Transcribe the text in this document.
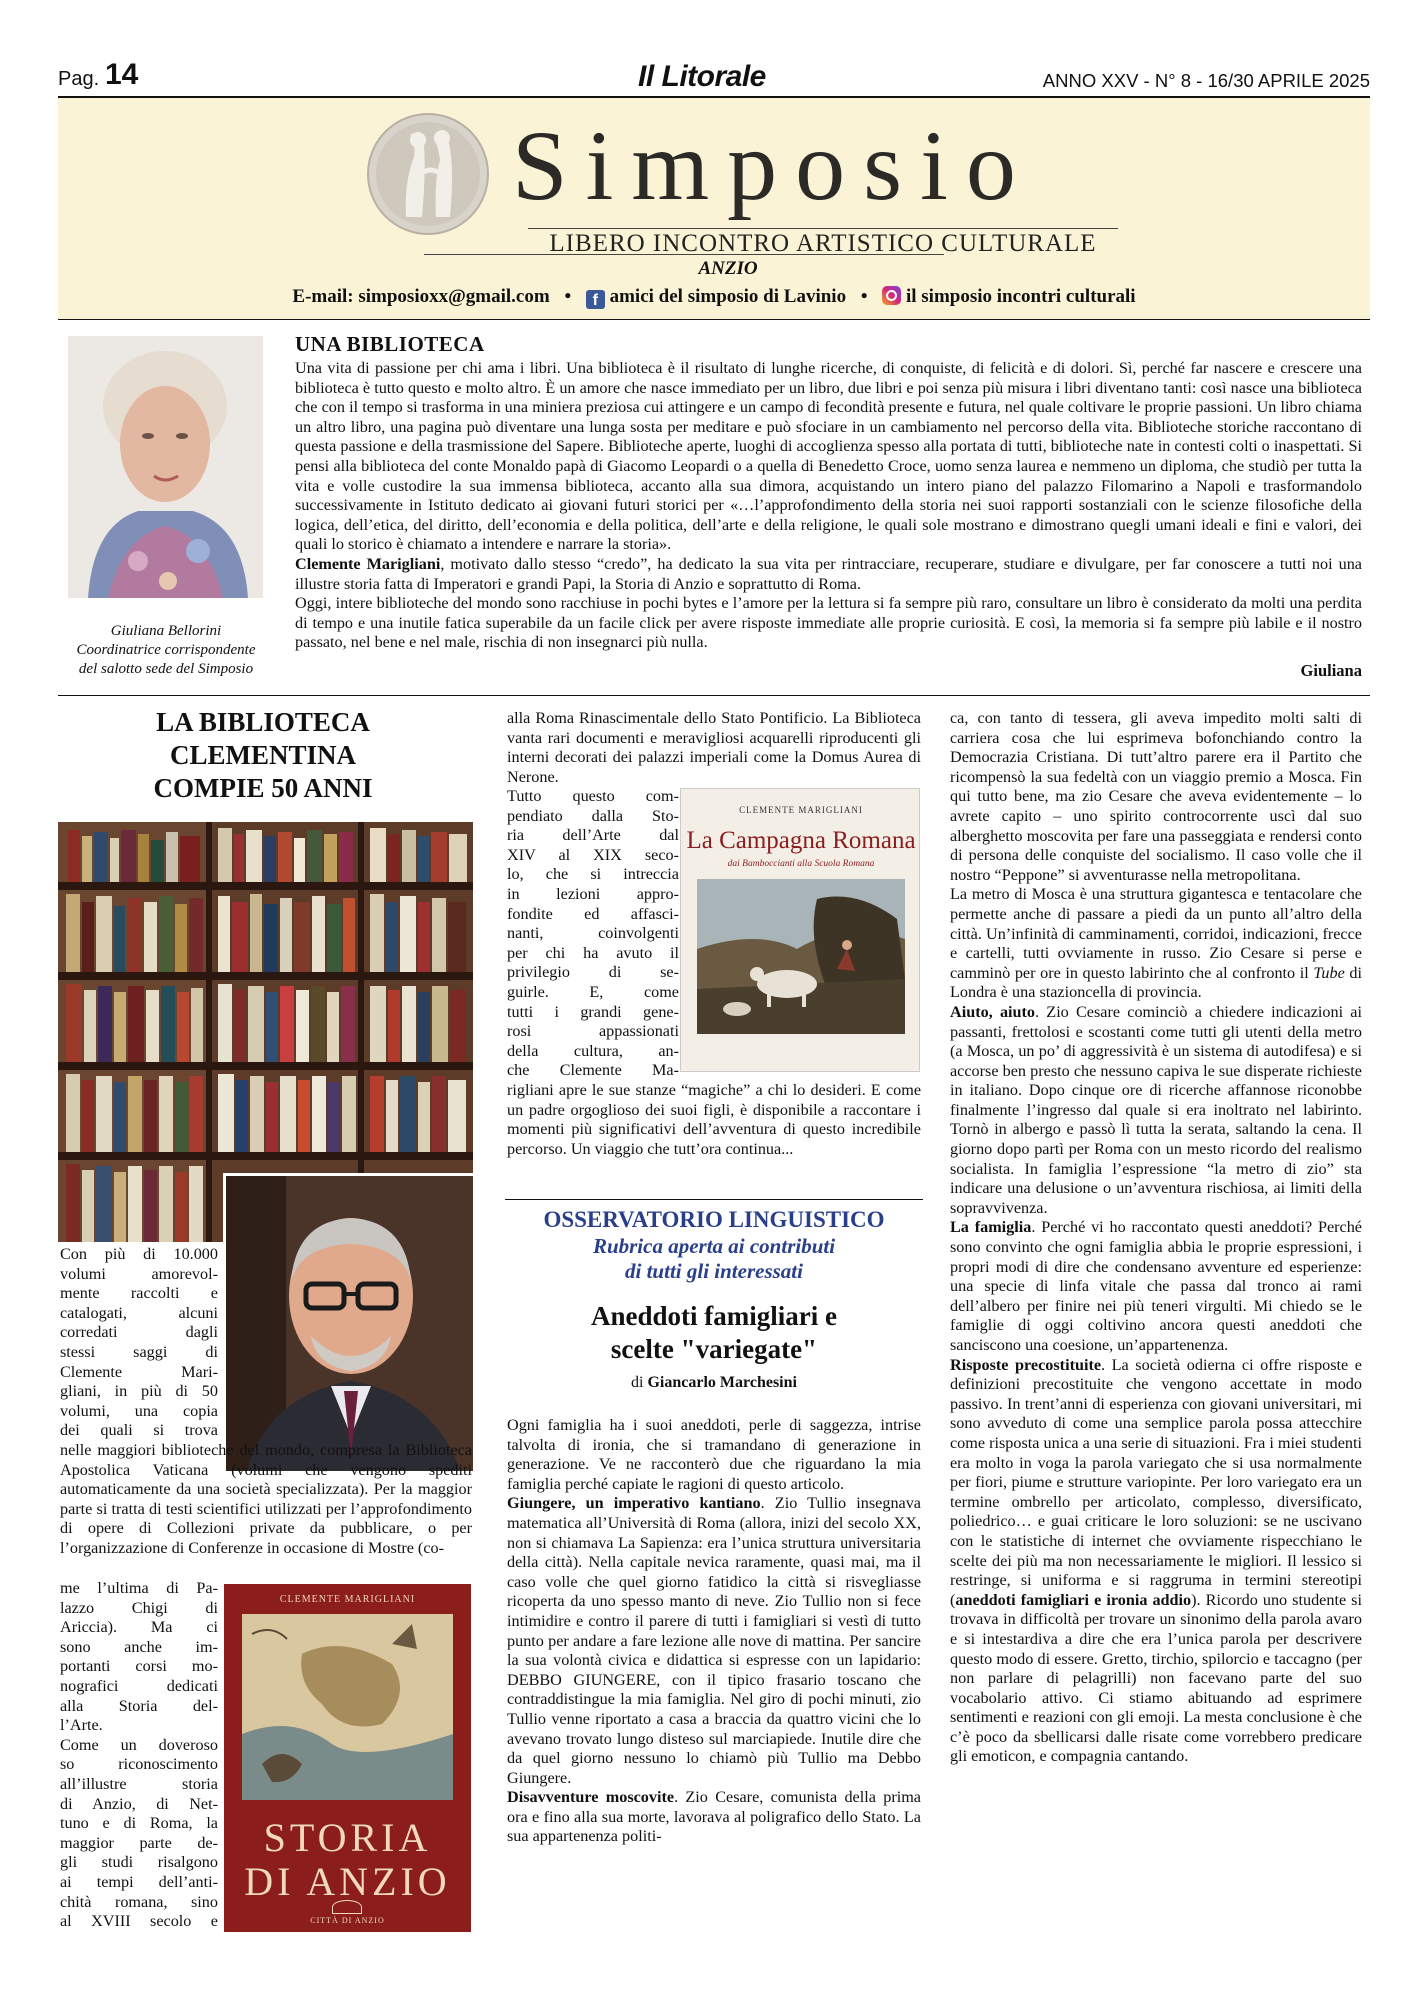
Pag. 14	Il Litorale	ANNO XXV - N° 8 - 16/30 APRILE 2025
Simposio
LIBERO INCONTRO ARTISTICO CULTURALE
ANZIO
E-mail: simposioxx@gmail.com • f amici del simposio di Lavinio • il simposio incontri culturali
Giuliana Bellorini
Coordinatrice corrispondente
del salotto sede del Simposio
UNA BIBLIOTECA

Una vita di passione per chi ama i libri. Una biblioteca è il risultato di lunghe ricerche, di conquiste, di felicità e di dolori. Sì, perché far nascere e crescere una biblioteca è tutto questo e molto altro. È un amore che nasce immediato per un libro, due libri e poi senza più misura i libri diventano tanti: così nasce una biblioteca che con il tempo si trasforma in una miniera preziosa cui attingere e un campo di fecondità presente e futura, nel quale coltivare le proprie passioni. Un libro chiama un altro libro, una pagina può diventare una lunga sosta per meditare e può sfociare in un cambiamento nel percorso della vita. Biblioteche storiche raccontano di questa passione e della trasmissione del Sapere. Biblioteche aperte, luoghi di accoglienza spesso alla portata di tutti, biblioteche nate in contesti colti o inaspettati. Si pensi alla biblioteca del conte Monaldo papà di Giacomo Leopardi o a quella di Benedetto Croce, uomo senza laurea e nemmeno un diploma, che studiò per tutta la vita e volle custodire la sua immensa biblioteca, accanto alla sua dimora, acquistando un intero piano del palazzo Filomarino a Napoli e trasformandolo successivamente in Istituto dedicato ai giovani futuri storici per «…l’approfondimento della storia nei suoi rapporti sostanziali con le scienze filosofiche della logica, dell’etica, del diritto, dell’economia e della politica, dell’arte e della religione, le quali sole mostrano e dimostrano quegli umani ideali e fini e valori, dei quali lo storico è chiamato a intendere e narrare la storia».

Clemente Marigliani, motivato dallo stesso “credo”, ha dedicato la sua vita per rintracciare, recuperare, studiare e divulgare, per far conoscere a tutti noi una illustre storia fatta di Imperatori e grandi Papi, la Storia di Anzio e soprattutto di Roma.

Oggi, intere biblioteche del mondo sono racchiuse in pochi bytes e l’amore per la lettura si fa sempre più raro, consultare un libro è considerato da molti una perdita di tempo e una inutile fatica superabile da un facile click per avere risposte immediate alle proprie curiosità. E così, la memoria si fa sempre più labile e il nostro passato, nel bene e nel male, rischia di non insegnarci più nulla.

Giuliana
LA BIBLIOTECA
CLEMENTINA
COMPIE 50 ANNI
Con più di 10.000
volumi amorevol-
mente raccolti e
catalogati, alcuni
corredati dagli
stessi saggi di
Clemente Mari-
gliani, in più di 50
volumi, una copia
dei quali si trova

nelle maggiori biblioteche del mondo, compresa la Biblioteca Apostolica Vaticana (volumi che vengono spediti automaticamente da una società specializzata). Per la maggior parte si tratta di testi scientifici utilizzati per l’approfondimento di opere di Collezioni private da pubblicare, o per l’organizzazione di Conferenze in occasione di Mostre (co-

me l’ultima di Pa-
lazzo Chigi di
Ariccia). Ma ci
sono anche im-
portanti corsi mo-
nografici dedicati
alla Storia del-
l’Arte.
Come un doveroso
so riconoscimento
all’illustre storia
di Anzio, di Net-
tuno e di Roma, la
maggior parte de-
gli studi risalgono
ai tempi dell’anti-
chità romana, sino
al XVIII secolo e
CLEMENTE MARIGLIANI
STORIA
DI ANZIO
CITTÀ DI ANZIO

alla Roma Rinascimentale dello Stato Pontificio. La Biblioteca vanta rari documenti e meravigliosi acquarelli riproducenti gli interni decorati dei palazzi imperiali come la Domus Aurea di Nerone.

Tutto questo com-
pendiato dalla Sto-
ria dell’Arte dal
XIV al XIX seco-
lo, che si intreccia
in lezioni appro-
fondite ed affasci-
nanti, coinvolgenti
per chi ha avuto il
privilegio di se-
guirle. E, come
tutti i grandi gene-
rosi appassionati
della cultura, an-
che Clemente Ma-
CLEMENTE MARIGLIANI
La Campagna Romana
dai Bamboccianti alla Scuola Romana

rigliani apre le sue stanze “magiche” a chi lo desideri. E come un padre orgoglioso dei suoi figli, è disponibile a raccontare i momenti più significativi dell’avventura di questo incredibile percorso. Un viaggio che tutt’ora continua...

OSSERVATORIO LINGUISTICO
Rubrica aperta ai contributi
di tutti gli interessati
Aneddoti famigliari e
scelte "variegate"
di Giancarlo Marchesini

Ogni famiglia ha i suoi aneddoti, perle di saggezza, intrise talvolta di ironia, che si tramandano di generazione in generazione. Ve ne racconterò due che riguardano la mia famiglia perché capiate le ragioni di questo articolo.

Giungere, un imperativo kantiano. Zio Tullio insegnava matematica all’Università di Roma (allora, inizi del secolo XX, non si chiamava La Sapienza: era l’unica struttura universitaria della città). Nella capitale nevica raramente, quasi mai, ma il caso volle che quel giorno fatidico la città si risvegliasse ricoperta da uno spesso manto di neve. Zio Tullio non si fece intimidire e contro il parere di tutti i famigliari si vestì di tutto punto per andare a fare lezione alle nove di mattina. Per sancire la sua volontà civica e didattica si espresse con un lapidario: DEBBO GIUNGERE, con il tipico frasario toscano che contraddistingue la mia famiglia. Nel giro di pochi minuti, zio Tullio venne riportato a casa a braccia da quattro vicini che lo avevano trovato lungo disteso sul marciapiede. Inutile dire che da quel giorno nessuno lo chiamò più Tullio ma Debbo Giungere.

Disavventure moscovite. Zio Cesare, comunista della prima ora e fino alla sua morte, lavorava al poligrafico dello Stato. La sua appartenenza politi-

ca, con tanto di tessera, gli aveva impedito molti salti di carriera cosa che lui esprimeva bofonchiando contro la Democrazia Cristiana. Di tutt’altro parere era il Partito che ricompensò la sua fedeltà con un viaggio premio a Mosca. Fin qui tutto bene, ma zio Cesare che aveva evidentemente – lo avrete capito – uno spirito controcorrente uscì dal suo alberghetto moscovita per fare una passeggiata e rendersi conto di persona delle conquiste del socialismo. Il caso volle che il nostro “Peppone” si avventurasse nella metropolitana.

La metro di Mosca è una struttura gigantesca e tentacolare che permette anche di passare a piedi da un punto all’altro della città. Un’infinità di camminamenti, corridoi, indicazioni, frecce e cartelli, tutti ovviamente in russo. Zio Cesare si perse e camminò per ore in questo labirinto che al confronto il Tube di Londra è una stazioncella di provincia.

Aiuto, aiuto. Zio Cesare cominciò a chiedere indicazioni ai passanti, frettolosi e scostanti come tutti gli utenti della metro (a Mosca, un po’ di aggressività è un sistema di autodifesa) e si accorse ben presto che nessuno capiva le sue disperate richieste in italiano. Dopo cinque ore di ricerche affannose riconobbe finalmente l’ingresso dal quale si era inoltrato nel labirinto. Tornò in albergo e passò lì tutta la serata, saltando la cena. Il giorno dopo partì per Roma con un mesto ricordo del realismo socialista. In famiglia l’espressione “la metro di zio” sta indicare una delusione o un’avventura rischiosa, ai limiti della sopravvivenza.

La famiglia. Perché vi ho raccontato questi aneddoti? Perché sono convinto che ogni famiglia abbia le proprie espressioni, i propri modi di dire che condensano avventure ed esperienze: una specie di linfa vitale che passa dal tronco ai rami dell’albero per finire nei più teneri virgulti. Mi chiedo se le famiglie di oggi coltivino ancora questi aneddoti che sanciscono una coesione, un’appartenenza.

Risposte precostituite. La società odierna ci offre risposte e definizioni precostituite che vengono accettate in modo passivo. In trent’anni di esperienza con giovani universitari, mi sono avveduto di come una semplice parola possa attecchire come risposta unica a una serie di situazioni. Fra i miei studenti era molto in voga la parola variegato che si usa normalmente per fiori, piume e strutture variopinte. Per loro variegato era un termine ombrello per articolato, complesso, diversificato, poliedrico… e guai criticare le loro soluzioni: se ne uscivano con le statistiche di internet che ovviamente rispecchiano le scelte dei più ma non necessariamente le migliori. Il lessico si restringe, si uniforma e si raggruma in termini stereotipi (aneddoti famigliari e ironia addio). Ricordo uno studente si trovava in difficoltà per trovare un sinonimo della parola avaro e si intestardiva a dire che era l’unica parola per descrivere questo modo di essere. Gretto, tirchio, spilorcio e taccagno (per non parlare di pelagrilli) non facevano parte del suo vocabolario attivo. Ci stiamo abituando ad esprimere sentimenti e reazioni con gli emoji. La mesta conclusione è che c’è poco da sbellicarsi dalle risate come vorrebbero predicare gli emoticon, e compagnia cantando.
